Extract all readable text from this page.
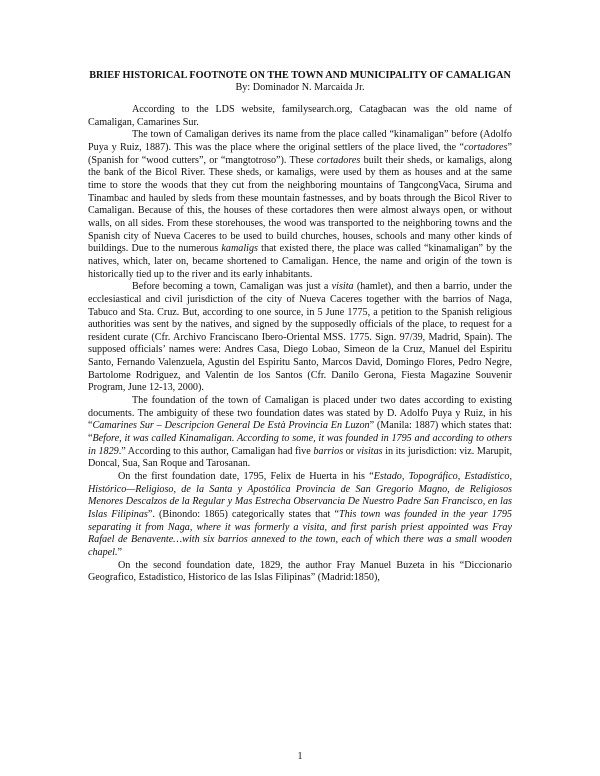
BRIEF HISTORICAL FOOTNOTE ON THE TOWN AND MUNICIPALITY OF CAMALIGAN
By: Dominador N. Marcaida Jr.

According to the LDS website, familysearch.org, Catagbacan was the old name of Camaligan, Camarines Sur.

The town of Camaligan derives its name from the place called “kinamaligan” before (Adolfo Puya y Ruiz, 1887). This was the place where the original settlers of the place lived, the “cortadores” (Spanish for “wood cutters”, or “mangtotroso”). These cortadores built their sheds, or kamaligs, along the bank of the Bicol River. These sheds, or kamaligs, were used by them as houses and at the same time to store the woods that they cut from the neighboring mountains of TangcongVaca, Siruma and Tinambac and hauled by sleds from these mountain fastnesses, and by boats through the Bicol River to Camaligan. Because of this, the houses of these cortadores then were almost always open, or without walls, on all sides. From these storehouses, the wood was transported to the neighboring towns and the Spanish city of Nueva Caceres to be used to build churches, houses, schools and many other kinds of buildings. Due to the numerous kamaligs that existed there, the place was called “kinamaligan” by the natives, which, later on, became shortened to Camaligan. Hence, the name and origin of the town is historically tied up to the river and its early inhabitants.

Before becoming a town, Camaligan was just a visita (hamlet), and then a barrio, under the ecclesiastical and civil jurisdiction of the city of Nueva Caceres together with the barrios of Naga, Tabuco and Sta. Cruz. But, according to one source, in 5 June 1775, a petition to the Spanish religious authorities was sent by the natives, and signed by the supposedly officials of the place, to request for a resident curate (Cfr. Archivo Franciscano Ibero-Oriental MSS. 1775. Sign. 97/39, Madrid, Spain). The supposed officials’ names were: Andres Casa, Diego Lobao, Simeon de la Cruz, Manuel del Espiritu Santo, Fernando Valenzuela, Agustin del Espiritu Santo, Marcos David, Domingo Flores, Pedro Negre, Bartolome Rodriguez, and Valentin de los Santos (Cfr. Danilo Gerona, Fiesta Magazine Souvenir Program, June 12-13, 2000).

The foundation of the town of Camaligan is placed under two dates according to existing documents. The ambiguity of these two foundation dates was stated by D. Adolfo Puya y Ruiz, in his “Camarines Sur – Descripcion General De Està Provincia En Luzon” (Manila: 1887) which states that: “Before, it was called Kinamaligan. According to some, it was founded in 1795 and according to others in 1829.” According to this author, Camaligan had five barrios or visitas in its jurisdiction: viz. Marupit, Doncal, Sua, San Roque and Tarosanan.

On the first foundation date, 1795, Felix de Huerta in his “Estado, Topográfico, Estadístico, Histórico—Religioso, de la Santa y Apostólica Provincia de San Gregorio Magno, de Religiosos Menores Descalzos de la Regular y Mas Estrecha Observancia De Nuestro Padre San Francisco, en las Islas Filipinas”. (Binondo: 1865) categorically states that “This town was founded in the year 1795 separating it from Naga, where it was formerly a visita, and first parish priest appointed was Fray Rafael de Benavente…with six barrios annexed to the town, each of which there was a small wooden chapel.”

On the second foundation date, 1829, the author Fray Manuel Buzeta in his “Diccionario Geografico, Estadistico, Historico de las Islas Filipinas” (Madrid:1850),

1
